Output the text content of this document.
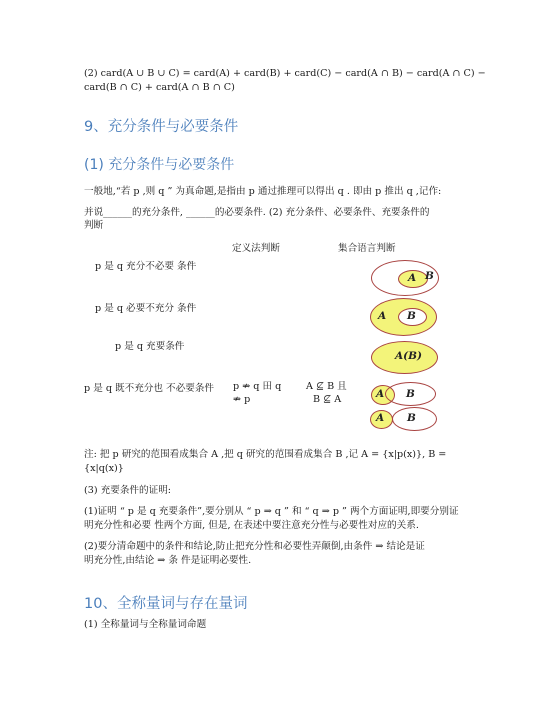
(2) card(A ∪ B ∪ C) = card(A) + card(B) + card(C) − card(A ∩ B) − card(A ∩ C) −
card(B ∩ C) + card(A ∩ B ∩ C)
9、充分条件与必要条件
(1) 充分条件与必要条件
一般地,“若 p ,则 q ” 为真命题,是指由 p 通过推理可以得出 q . 即由 p 推出 q ,记作:
并说______的充分条件, ______的必要条件. (2) 充分条件、必要条件、充要条件的
判断
定义法判断	集合语言判断
p 是 q 充分不必要 条件
p 是 q 必要不充分 条件
p 是 q 充要条件
p 是 q 既不充分也 不必要条件 p ⇏ q 田 q
⇏ p
A ⊈ B 且
B ⊈ A
A B
A B
A(B)
A B
A B
注: 把 p 研究的范围看成集合 A ,把 q 研究的范围看成集合 B ,记 A = {x|p(x)}, B =
{x|q(x)}
(3) 充要条件的证明:
(1)证明 “ p 是 q 充要条件”,要分别从 “ p ⇒ q ” 和 “ q ⇒ p ” 两个方面证明,即要分别证
明充分性和必要 性两个方面, 但是, 在表述中要注意充分性与必要性对应的关系.
(2)要分清命题中的条件和结论,防止把充分性和必要性弄颠倒,由条件 ⇒ 结论是证
明充分性,由结论 ⇒ 条 件是证明必要性.
10、全称量词与存在量词
(1) 全称量词与全称量词命题
